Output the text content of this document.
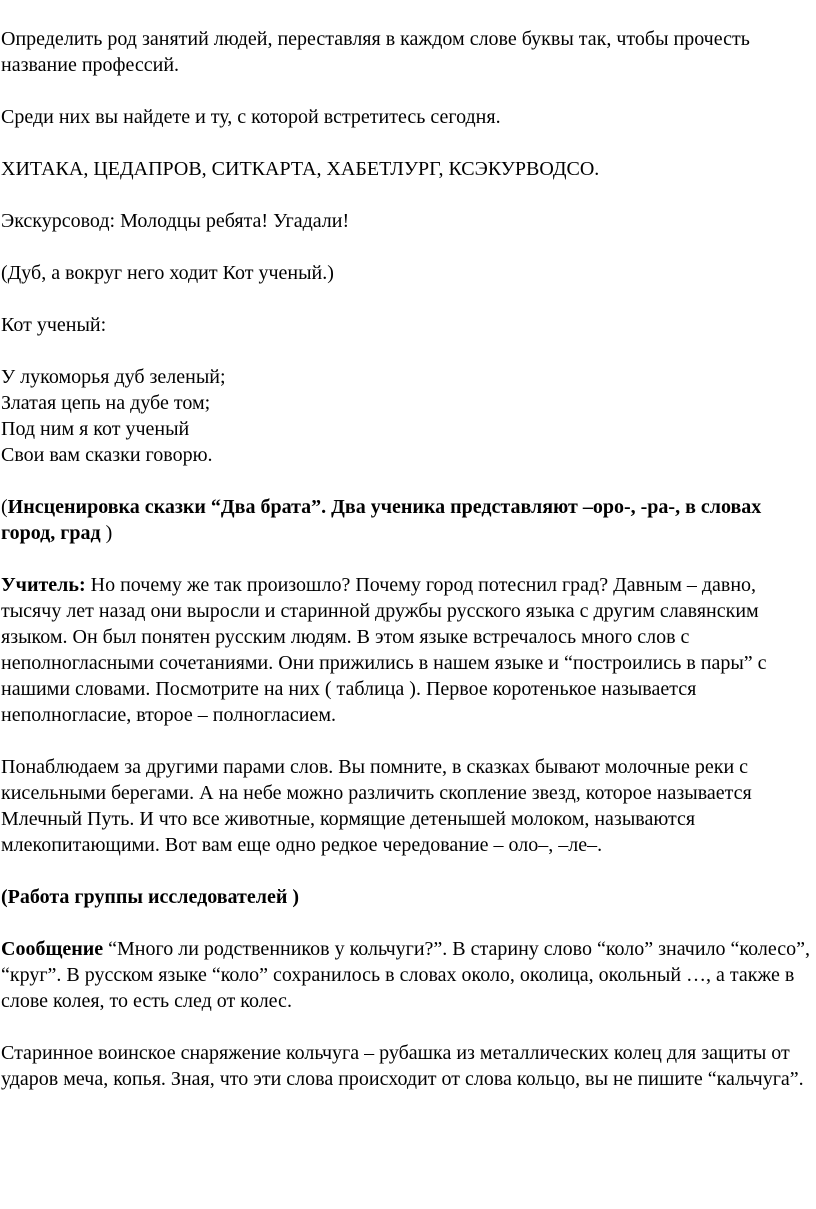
Определить род занятий людей, переставляя в каждом слове буквы так, чтобы прочесть название профессий.

Среди них вы найдете и ту, с которой встретитесь сегодня.

ХИТАКА, ЦЕДАПРОВ, СИТКАРТА, ХАБЕТЛУРГ, КСЭКУРВОДСО.

Экскурсовод: Молодцы ребята! Угадали!

(Дуб, а вокруг него ходит Кот ученый.)

Кот ученый:

У лукоморья дуб зеленый;
Златая цепь на дубе том;
Под ним я кот ученый
Свои вам сказки говорю.

(Инсценировка сказки “Два брата”. Два ученика представляют –оро-, -ра-, в словах город, град )

Учитель: Но почему же так произошло? Почему город потеснил град? Давным – давно, тысячу лет назад они выросли и старинной дружбы русского языка с другим славянским языком. Он был понятен русским людям. В этом языке встречалось много слов с неполногласными сочетаниями. Они прижились в нашем языке и “построились в пары” с нашими словами. Посмотрите на них ( таблица ). Первое коротенькое называется неполногласие, второе – полногласием.

Понаблюдаем за другими парами слов. Вы помните, в сказках бывают молочные реки с кисельными берегами. А на небе можно различить скопление звезд, которое называется Млечный Путь. И что все животные, кормящие детенышей молоком, называются млекопитающими. Вот вам еще одно редкое чередование – оло–, –ле–.

(Работа группы исследователей )

Сообщение “Много ли родственников у кольчуги?”. В старину слово “коло” значило “колесо”, “круг”. В русском языке “коло” сохранилось в словах около, околица, окольный …, а также в слове колея, то есть след от колес.

Старинное воинское снаряжение кольчуга – рубашка из металлических колец для защиты от ударов меча, копья. Зная, что эти слова происходит от слова кольцо, вы не пишите “кальчуга”.
